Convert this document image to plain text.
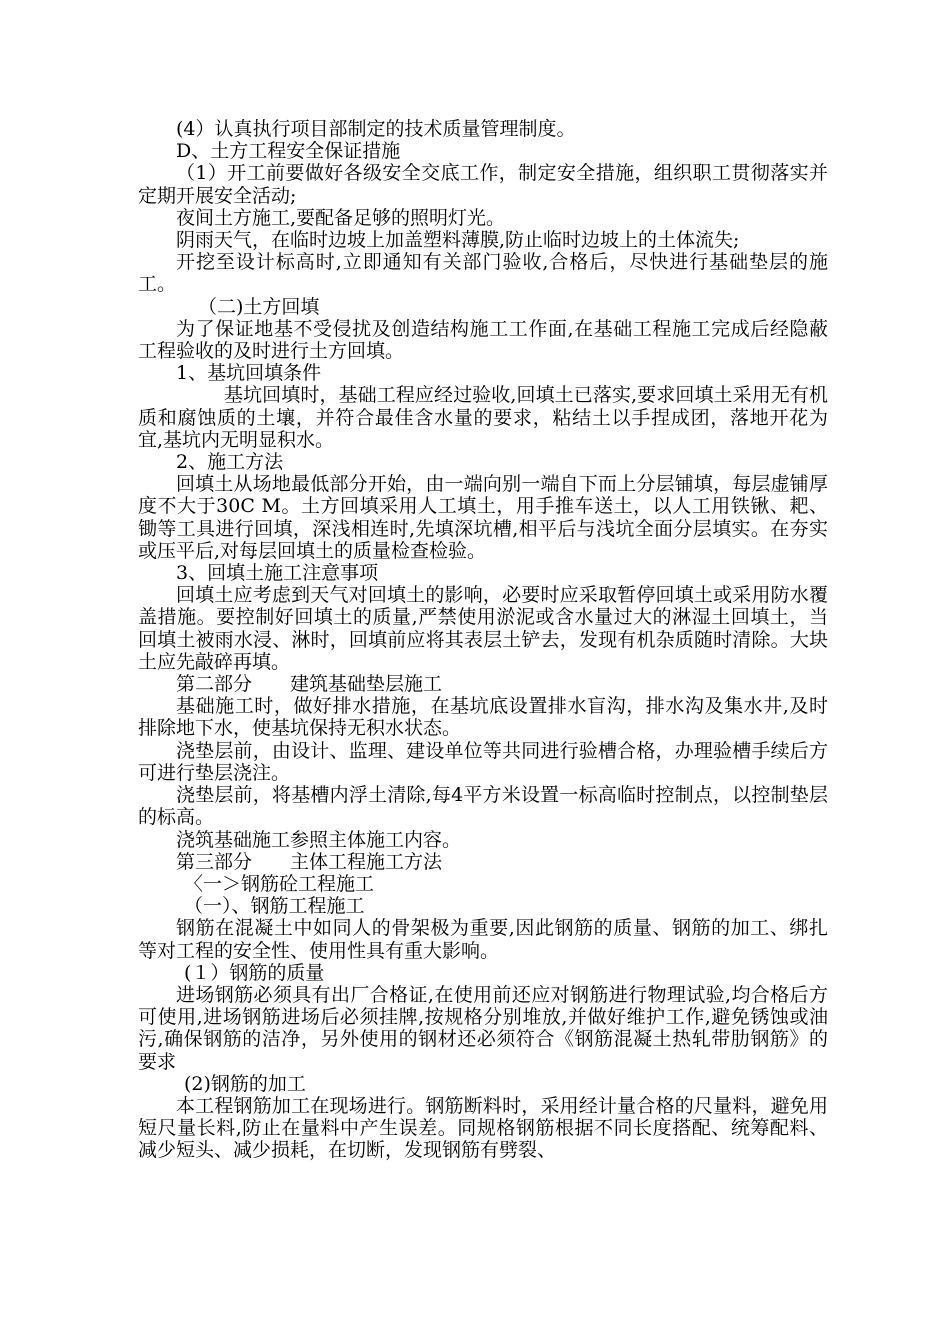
(4）认真执行项目部制定的技术质量管理制度。

D、土方工程安全保证措施

（1）开工前要做好各级安全交底工作，制定安全措施，组织职工贯彻落实并定期开展安全活动;

夜间土方施工,要配备足够的照明灯光。

阴雨天气，在临时边坡上加盖塑料薄膜,防止临时边坡上的土体流失;

开挖至设计标高时,立即通知有关部门验收,合格后，尽快进行基础垫层的施工。

（二)土方回填

为了保证地基不受侵扰及创造结构施工工作面,在基础工程施工完成后经隐蔽工程验收的及时进行土方回填。

1、基坑回填条件

基坑回填时，基础工程应经过验收,回填土已落实,要求回填土采用无有机质和腐蚀质的土壤，并符合最佳含水量的要求，粘结土以手捏成团，落地开花为宜,基坑内无明显积水。

2、施工方法

回填土从场地最低部分开始，由一端向别一端自下而上分层铺填，每层虚铺厚度不大于30C M。土方回填采用人工填土，用手推车送土，以人工用铁锹、耙、锄等工具进行回填，深浅相连时,先填深坑槽,相平后与浅坑全面分层填实。在夯实或压平后,对每层回填土的质量检查检验。

3、回填土施工注意事项

回填土应考虑到天气对回填土的影响，必要时应采取暂停回填土或采用防水覆盖措施。要控制好回填土的质量,严禁使用淤泥或含水量过大的淋湿土回填土，当回填土被雨水浸、淋时，回填前应将其表层土铲去，发现有机杂质随时清除。大块土应先敲碎再填。

第二部分　　建筑基础垫层施工

基础施工时，做好排水措施，在基坑底设置排水盲沟，排水沟及集水井,及时排除地下水，使基坑保持无积水状态。

浇垫层前，由设计、监理、建设单位等共同进行验槽合格，办理验槽手续后方可进行垫层浇注。

浇垫层前，将基槽内浮土清除,每4平方米设置一标高临时控制点，以控制垫层的标高。

浇筑基础施工参照主体施工内容。

第三部分　　主体工程施工方法

〈一＞钢筋砼工程施工

（一）、钢筋工程施工

钢筋在混凝土中如同人的骨架极为重要,因此钢筋的质量、钢筋的加工、绑扎等对工程的安全性、使用性具有重大影响。

(１）钢筋的质量

进场钢筋必须具有出厂合格证,在使用前还应对钢筋进行物理试验,均合格后方可使用,进场钢筋进场后必须挂牌,按规格分别堆放,并做好维护工作,避免锈蚀或油污,确保钢筋的洁净，另外使用的钢材还必须符合《钢筋混凝土热轧带肋钢筋》的要求

(2)钢筋的加工

本工程钢筋加工在现场进行。钢筋断料时，采用经计量合格的尺量料，避免用短尺量长料,防止在量料中产生误差。同规格钢筋根据不同长度搭配、统筹配料、减少短头、减少损耗，在切断，发现钢筋有劈裂、
